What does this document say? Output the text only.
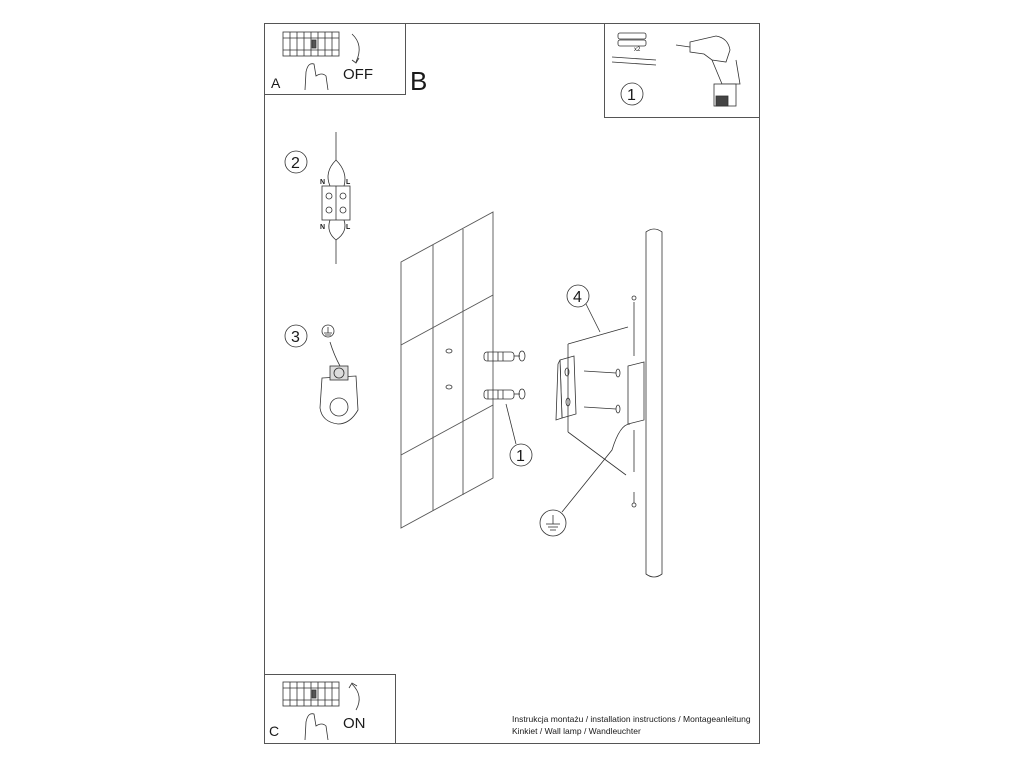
A	OFF B
C	ON	Instrukcja montażu / installation instructions / Montageanleitung
Kinkiet / Wall lamp / Wandleuchter
1
x2
2
N	L
N	L
3
1
4
